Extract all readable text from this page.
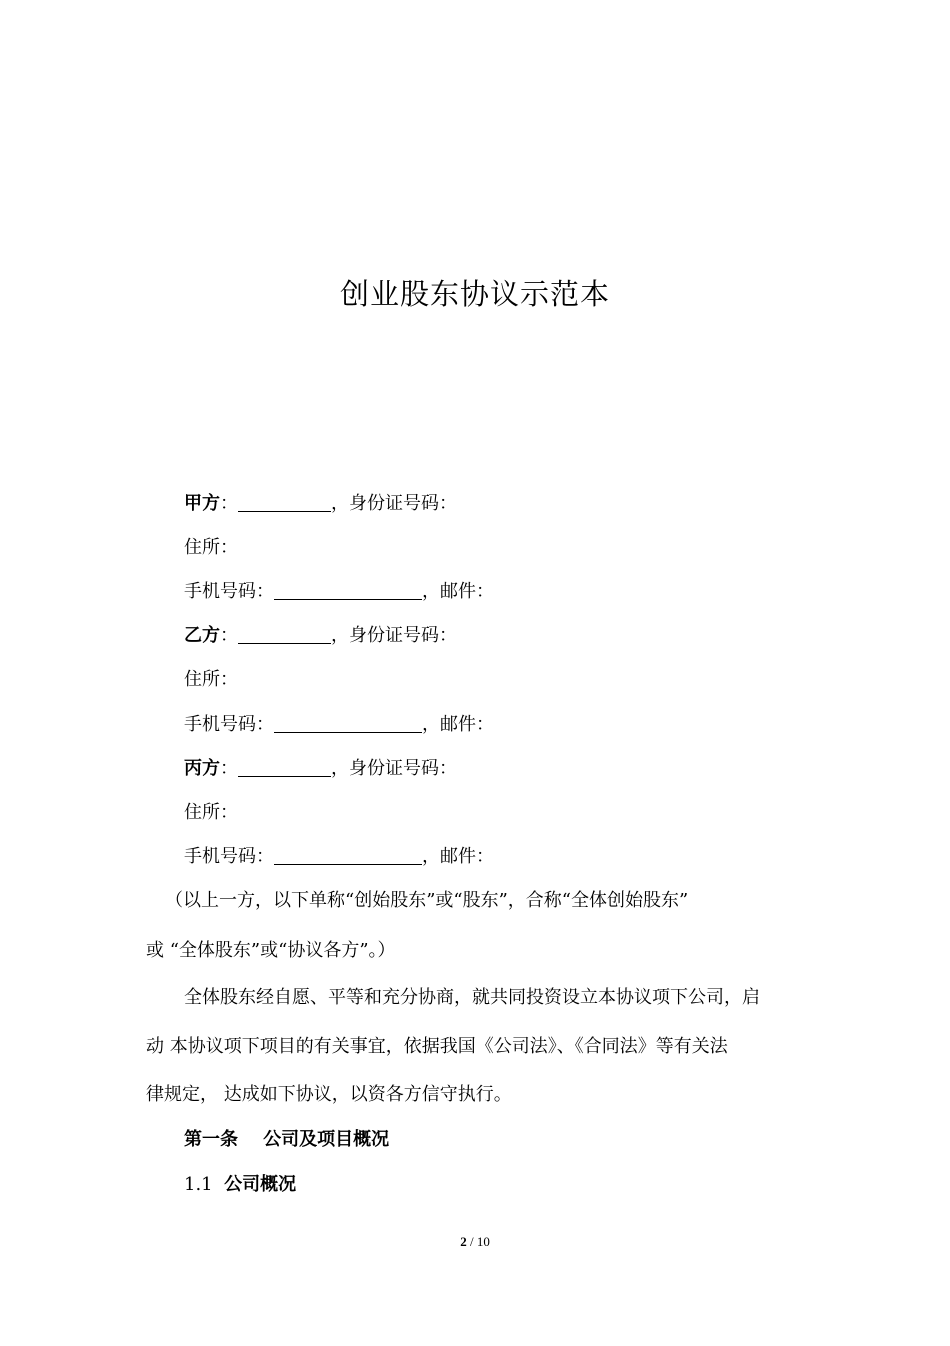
创业股东协议示范本
甲方：	，身份证号码：
住所：
手机号码：	，邮件：
乙方：	，身份证号码：
住所：
手机号码：	，邮件：
丙方：	，身份证号码：
住所：
手机号码：	，邮件：
（以上一方，以下单称“创始股东”或“股东”，合称“全体创始股东”
或 “全体股东”或“协议各方”。）
全体股东经自愿、平等和充分协商，就共同投资设立本协议项下公司，启
动 本协议项下项目的有关事宜，依据我国《公司法》、《合同法》等有关法
律规定， 达成如下协议，以资各方信守执行。
第一条    公司及项目概况
1.1 公司概况
2 / 10
